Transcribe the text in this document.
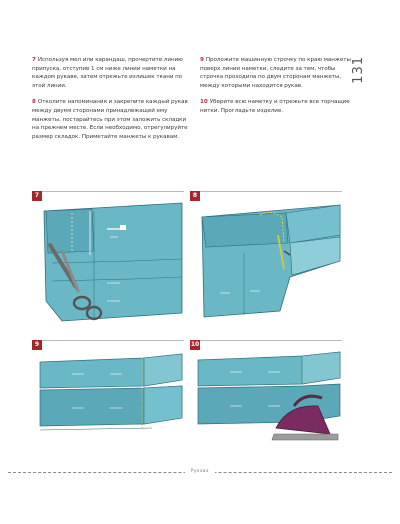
7 Используя мел или карандаш, прочертите линию припуска, отступив 1 см ниже линии наметки на каждом рукаве, затем отрежьте излишек ткани по этой линии.

8 Отколите напоминания и закрепите каждый рукав между двумя сторонами принадлежащей ему манжеты, постарайтесь при этом заложить складки на прежнем месте. Если необходимо, отрегулируйте размер складок. Приметайте манжеты к рукавам.

9 Проложите машинную строчку по краю манжеты поверх линии наметки, следите за тем, чтобы строчка проходила по двум сторонам манжеты, между которыми находится рукав.

10 Уберите всю наметку и отрежьте все торчащие нитки. Прогладьте изделие.

131
7	8
9	10
Рукава
